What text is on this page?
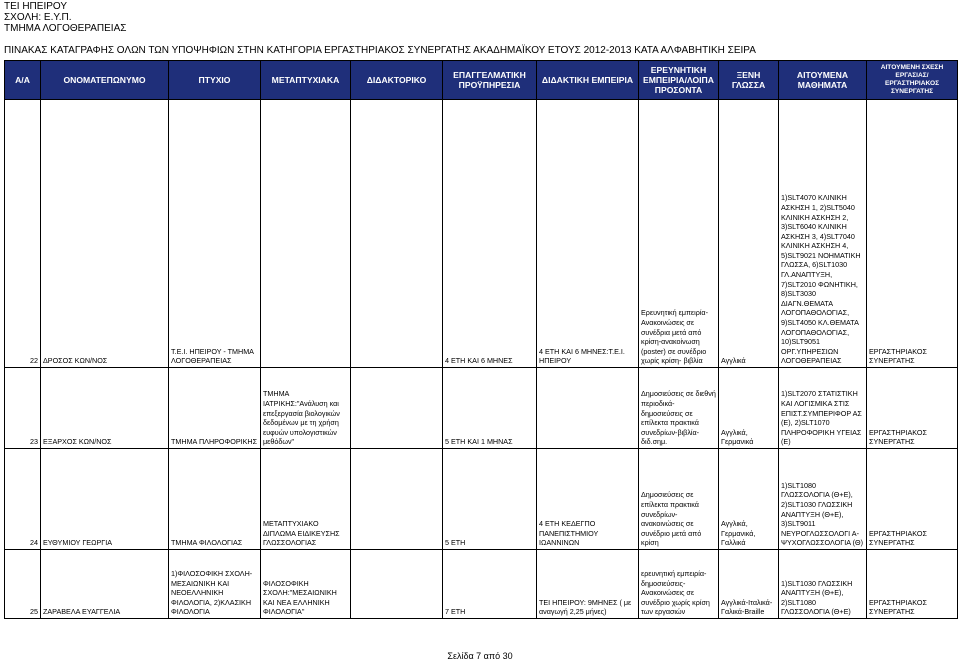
ΤΕΙ ΗΠΕΙΡΟΥ
ΣΧΟΛΗ: Ε.Υ.Π.
ΤΜΗΜΑ ΛΟΓΟΘΕΡΑΠΕΙΑΣ
ΠΙΝΑΚΑΣ ΚΑΤΑΓΡΑΦΗΣ ΟΛΩΝ ΤΩΝ ΥΠΟΨΗΦΙΩΝ ΣΤΗΝ ΚΑΤΗΓΟΡΙΑ ΕΡΓΑΣΤΗΡΙΑΚΟΣ ΣΥΝΕΡΓΑΤΗΣ ΑΚΑΔΗΜΑΪΚΟΥ ΕΤΟΥΣ 2012-2013 ΚΑΤΑ ΑΛΦΑΒΗΤΙΚΗ ΣΕΙΡΑ
Α/Α	ΟΝΟΜΑΤΕΠΩΝΥΜΟ	ΠΤΥΧΙΟ	ΜΕΤΑΠΤΥΧΙΑΚΑ	ΔΙΔΑΚΤΟΡΙΚΟ	ΕΠΑΓΓΕΛΜΑΤΙΚΗ ΠΡΟΫΠΗΡΕΣΙΑ	ΔΙΔΑΚΤΙΚΗ ΕΜΠΕΙΡΙΑ	ΕΡΕΥΝΗΤΙΚΗ ΕΜΠΕΙΡΙΑ/ΛΟΙΠΑ ΠΡΟΣΟΝΤΑ	ΞΕΝΗ ΓΛΩΣΣΑ	ΑΙΤΟΥΜΕΝΑ ΜΑΘΗΜΑΤΑ	ΑΙΤΟΥΜΕΝΗ ΣΧΕΣΗ ΕΡΓΑΣΙΑΣ/ΕΡΓΑΣΤΗΡΙΑΚΟΣ ΣΥΝΕΡΓΑΤΗΣ
22	ΔΡΟΣΟΣ ΚΩΝ/ΝΟΣ	Τ.Ε.Ι. ΗΠΕΙΡΟΥ - ΤΜΗΜΑ ΛΟΓΟΘΕΡΑΠΕΙΑΣ			4 ΕΤΗ ΚΑΙ 6 ΜΗΝΕΣ	4 ΕΤΗ ΚΑΙ 6 ΜΗΝΕΣ:Τ.Ε.Ι. ΗΠΕΙΡΟΥ	Ερευνητική εμπειρία-Ανακοινώσεις σε συνέδρια μετά από κρίση-ανακοίνωση (poster) σε συνέδριο χωρίς κρίση- βιβλία	Αγγλικά	1)SLT4070 ΚΛΙΝΙΚΗ ΑΣΚΗΣΗ 1, 2)SLT5040 ΚΛΙΝΙΚΗ ΑΣΚΗΣΗ 2, 3)SLT6040 ΚΛΙΝΙΚΗ ΑΣΚΗΣΗ 3, 4)SLT7040 ΚΛΙΝΙΚΗ ΑΣΚΗΣΗ 4, 5)SLT9021 ΝΟΗΜΑΤΙΚΗ ΓΛΩΣΣΑ, 6)SLT1030 ΓΛ.ΑΝΑΠΤΥΞΗ, 7)SLT2010 ΦΩΝΗΤΙΚΗ, 8)SLT3030 ΔΙΑΓΝ.ΘΕΜΑΤΑ ΛΟΓΟΠΑΘΟΛΟΓΙΑΣ, 9)SLT4050 ΚΛ.ΘΕΜΑΤΑ ΛΟΓΟΠΑΘΟΛΟΓΙΑΣ, 10)SLT9051 ΟΡΓ.ΥΠΗΡΕΣΙΩΝ ΛΟΓΟΘΕΡΑΠΕΙΑΣ	ΕΡΓΑΣΤΗΡΙΑΚΟΣ ΣΥΝΕΡΓΑΤΗΣ
23	ΕΞΑΡΧΟΣ ΚΩΝ/ΝΟΣ	ΤΜΗΜΑ ΠΛΗΡΟΦΟΡΙΚΗΣ	ΤΜΗΜΑ ΙΑΤΡΙΚΗΣ:"Ανάλυση και επεξεργασία βιολογικών δεδομένων με τη χρήση ευφυών υπολογιστικών μεθόδων"		5 ΕΤΗ ΚΑΙ 1 ΜΗΝΑΣ		Δημοσιεύσεις σε διεθνή περιοδικά-δημοσιεύσεις σε επίλεκτα πρακτικά συνεδρίων-βιβλία-διδ.σημ.	Αγγλικά, Γερμανικά	1)SLT2070 ΣΤΑΤΙΣΤΙΚΗ ΚΑΙ ΛΟΓΙΣΜΙΚΑ ΣΤΙΣ ΕΠΙΣΤ.ΣΥΜΠΕΡΙΦΟΡ ΑΣ (Ε), 2)SLT1070 ΠΛΗΡΟΦΟΡΙΚΗ ΥΓΕΙΑΣ (Ε)	ΕΡΓΑΣΤΗΡΙΑΚΟΣ ΣΥΝΕΡΓΑΤΗΣ
24	ΕΥΘΥΜΙΟΥ ΓΕΩΡΓΙΑ	ΤΜΗΜΑ ΦΙΛΟΛΟΓΙΑΣ	ΜΕΤΑΠΤΥΧΙΑΚΟ ΔΙΠΛΩΜΑ ΕΙΔΙΚΕΥΣΗΣ ΓΛΩΣΣΟΛΟΓΙΑΣ		5 ΕΤΗ	4 ΕΤΗ ΚΕΔΕΓΠΟ ΠΑΝΕΠΙΣΤΗΜΙΟΥ ΙΩΑΝΝΙΝΩΝ	Δημοσιεύσεις σε επίλεκτα πρακτικά συνεδρίων-ανακοινώσεις σε συνέδριο μετά από κρίση	Αγγλικά, Γερμανικά, Γαλλικά	1)SLT1080 ΓΛΩΣΣΟΛΟΓΙΑ (Θ+Ε), 2)SLT1030 ΓΛΩΣΣΙΚΗ ΑΝΑΠΤΥΞΗ (Θ+Ε), 3)SLT9011 ΝΕΥΡΟΓΛΩΣΣΟΛΟΓΙ Α-ΨΥΧΟΓΛΩΣΣΟΛΟΓΙΑ (Θ)	ΕΡΓΑΣΤΗΡΙΑΚΟΣ ΣΥΝΕΡΓΑΤΗΣ
25	ΖΑΡΑΒΕΛΑ ΕΥΑΓΓΕΛΙΑ	1)ΦΙΛΟΣΟΦΙΚΗ ΣΧΟΛΗ-ΜΕΣΑΙΩΝΙΚΗ ΚΑΙ ΝΕΟΕΛΛΗΝΙΚΗ ΦΙΛΟΛΟΓΙΑ, 2)ΚΛΑΣΙΚΗ ΦΙΛΟΛΟΓΙΑ	ΦΙΛΟΣΟΦΙΚΗ ΣΧΟΛΗ:"ΜΕΣΑΙΩΝΙΚΗ ΚΑΙ ΝΕΑ ΕΛΛΗΝΙΚΗ ΦΙΛΟΛΟΓΙΑ"		7 ΕΤΗ	ΤΕΙ ΗΠΕΙΡΟΥ: 9ΜΗΝΕΣ ( με αναγωγή 2,25 μήνες)	ερευνητική εμπειρία-δημοσιεύσεις-Ανακοινώσεις σε συνέδριο χωρίς κρίση των εργασιών	Αγγλικά-Ιταλικά-Γαλικά-Braille	1)SLT1030 ΓΛΩΣΣΙΚΗ ΑΝΑΠΤΥΞΗ (Θ+Ε), 2)SLT1080 ΓΛΩΣΣΟΛΟΓΙΑ (Θ+Ε)	ΕΡΓΑΣΤΗΡΙΑΚΟΣ ΣΥΝΕΡΓΑΤΗΣ
Σελίδα 7 από 30
